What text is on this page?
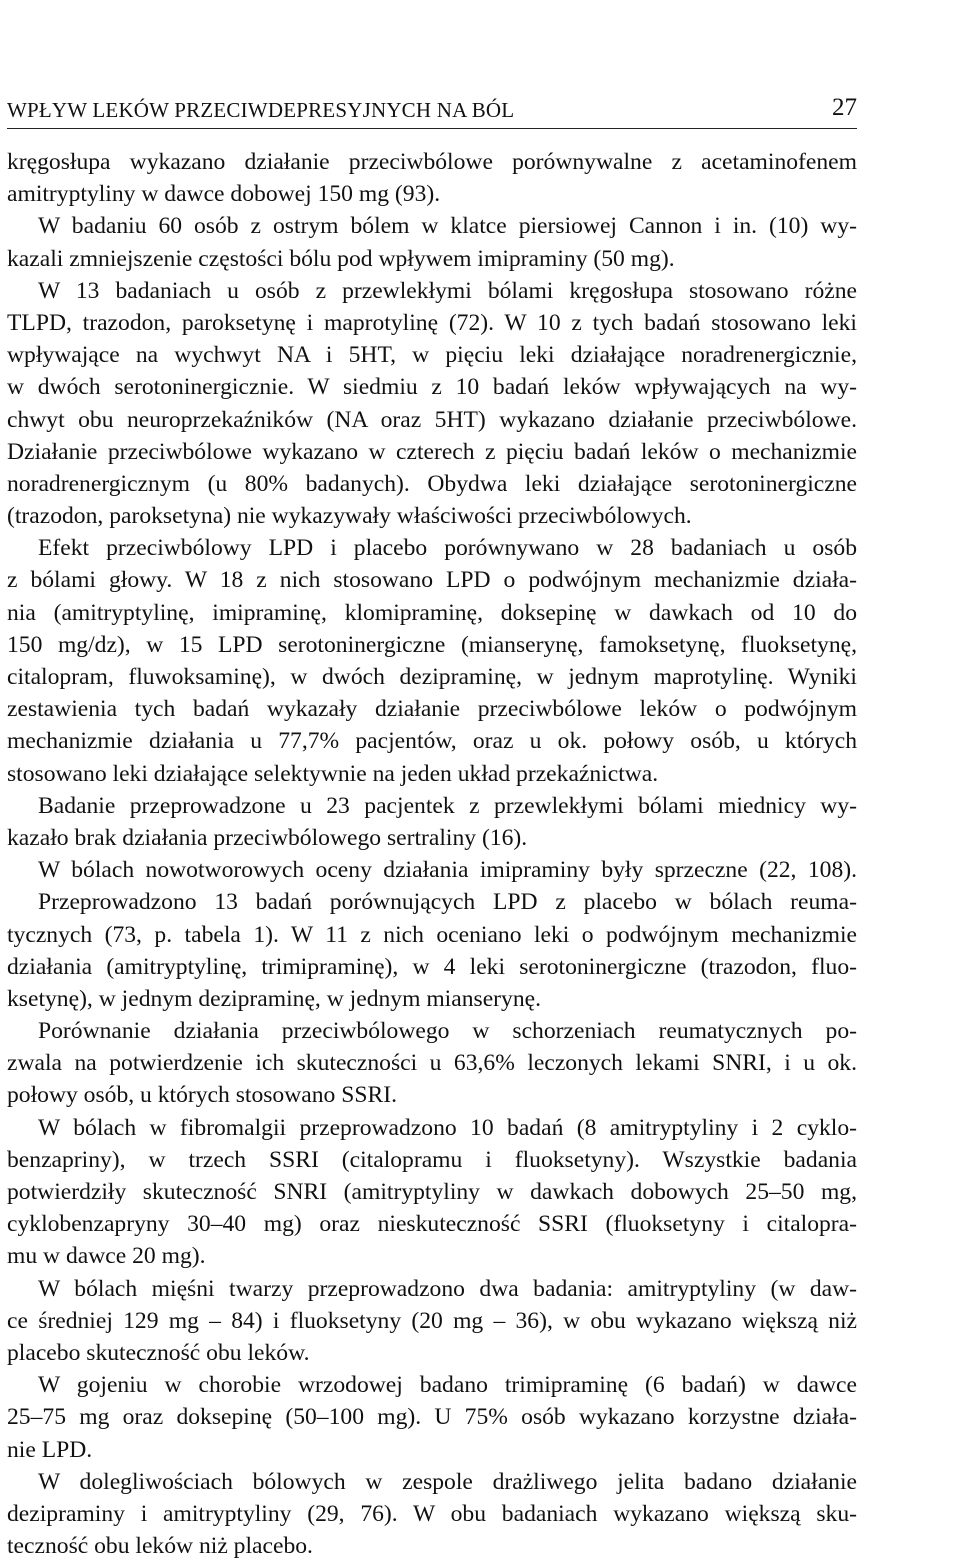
WPŁYW LEKÓW PRZECIWDEPRESYJNYCH NA BÓL	27
kręgosłupa wykazano działanie przeciwbólowe porównywalne z acetaminofenem
amitryptyliny w dawce dobowej 150 mg (93).
W badaniu 60 osób z ostrym bólem w klatce piersiowej Cannon i in. (10) wy-
kazali zmniejszenie częstości bólu pod wpływem imipraminy (50 mg).
W 13 badaniach u osób z przewlekłymi bólami kręgosłupa stosowano różne
TLPD, trazodon, paroksetynę i maprotylinę (72). W 10 z tych badań stosowano leki
wpływające na wychwyt NA i 5HT, w pięciu leki działające noradrenergicznie,
w dwóch serotoninergicznie. W siedmiu z 10 badań leków wpływających na wy-
chwyt obu neuroprzekaźników (NA oraz 5HT) wykazano działanie przeciwbólowe.
Działanie przeciwbólowe wykazano w czterech z pięciu badań leków o mechanizmie
noradrenergicznym (u 80% badanych). Obydwa leki działające serotoninergiczne
(trazodon, paroksetyna) nie wykazywały właściwości przeciwbólowych.
Efekt przeciwbólowy LPD i placebo porównywano w 28 badaniach u osób
z bólami głowy. W 18 z nich stosowano LPD o podwójnym mechanizmie działa-
nia (amitryptylinę, imipraminę, klomipraminę, doksepinę w dawkach od 10 do
150 mg/dz), w 15 LPD serotoninergiczne (mianserynę, famoksetynę, fluoksetynę,
citalopram, fluwoksaminę), w dwóch dezipraminę, w jednym maprotylinę. Wyniki
zestawienia tych badań wykazały działanie przeciwbólowe leków o podwójnym
mechanizmie działania u 77,7% pacjentów, oraz u ok. połowy osób, u których
stosowano leki działające selektywnie na jeden układ przekaźnictwa.
Badanie przeprowadzone u 23 pacjentek z przewlekłymi bólami miednicy wy-
kazało brak działania przeciwbólowego sertraliny (16).
W bólach nowotworowych oceny działania imipraminy były sprzeczne (22, 108).
Przeprowadzono 13 badań porównujących LPD z placebo w bólach reuma-
tycznych (73, p. tabela 1). W 11 z nich oceniano leki o podwójnym mechanizmie
działania (amitryptylinę, trimipraminę), w 4 leki serotoninergiczne (trazodon, fluo-
ksetynę), w jednym dezipraminę, w jednym mianserynę.
Porównanie działania przeciwbólowego w schorzeniach reumatycznych po-
zwala na potwierdzenie ich skuteczności u 63,6% leczonych lekami SNRI, i u ok.
połowy osób, u których stosowano SSRI.
W bólach w fibromalgii przeprowadzono 10 badań (8 amitryptyliny i 2 cyklo-
benzapriny), w trzech SSRI (citalopramu i fluoksetyny). Wszystkie badania
potwierdziły skuteczność SNRI (amitryptyliny w dawkach dobowych 25–50 mg,
cyklobenzapryny 30–40 mg) oraz nieskuteczność SSRI (fluoksetyny i citalopra-
mu w dawce 20 mg).
W bólach mięśni twarzy przeprowadzono dwa badania: amitryptyliny (w daw-
ce średniej 129 mg – 84) i fluoksetyny (20 mg – 36), w obu wykazano większą niż
placebo skuteczność obu leków.
W gojeniu w chorobie wrzodowej badano trimipraminę (6 badań) w dawce
25–75 mg oraz doksepinę (50–100 mg). U 75% osób wykazano korzystne działa-
nie LPD.
W dolegliwościach bólowych w zespole drażliwego jelita badano działanie
dezipraminy i amitryptyliny (29, 76). W obu badaniach wykazano większą sku-
teczność obu leków niż placebo.
